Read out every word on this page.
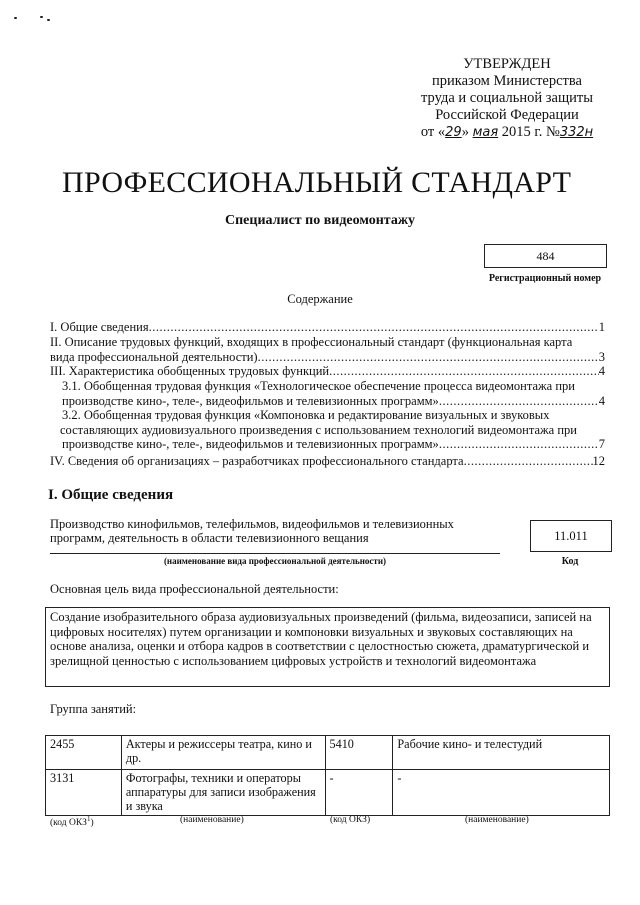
УТВЕРЖДЕН
приказом Министерства
труда и социальной защиты
Российской Федерации
от «29» мая 2015 г. №332н
ПРОФЕССИОНАЛЬНЫЙ СТАНДАРТ
Специалист по видеомонтажу
484
Регистрационный номер
Содержание
I. Общие сведения .....	1
II. Описание трудовых функций, входящих в профессиональный стандарт (функциональная карта
вида профессиональной деятельности) .....	3
III. Характеристика обобщенных трудовых функций .....	4
3.1. Обобщенная трудовая функция «Технологическое обеспечение процесса видеомонтажа при
производстве кино-, теле-, видеофильмов и телевизионных программ» .....	4
3.2. Обобщенная трудовая функция «Компоновка и редактирование визуальных и звуковых
составляющих аудиовизуального произведения с использованием технологий видеомонтажа при
производстве кино-, теле-, видеофильмов и телевизионных программ» .....	7
IV. Сведения об организациях – разработчиках профессионального стандарта .....	12
I. Общие сведения
Производство кинофильмов, телефильмов, видеофильмов и телевизионных
программ, деятельность в области телевизионного вещания
(наименование вида профессиональной деятельности)
11.011
Код
Основная цель вида профессиональной деятельности:
Создание изобразительного образа аудиовизуальных произведений (фильма, видеозаписи, записей на цифровых носителях) путем организации и компоновки визуальных и звуковых составляющих на основе анализа, оценки и отбора кадров в соответствии с целостностью сюжета, драматургической и зрелищной ценностью с использованием цифровых устройств и технологий видеомонтажа
Группа занятий:
2455	Актеры и режиссеры театра, кино и др.	5410	Рабочие кино- и телестудий
3131	Фотографы, техники и операторы аппаратуры для записи изображения и звука	-	-
(код ОКЗ$^1$)	(наименование)	(код ОКЗ)	(наименование)
